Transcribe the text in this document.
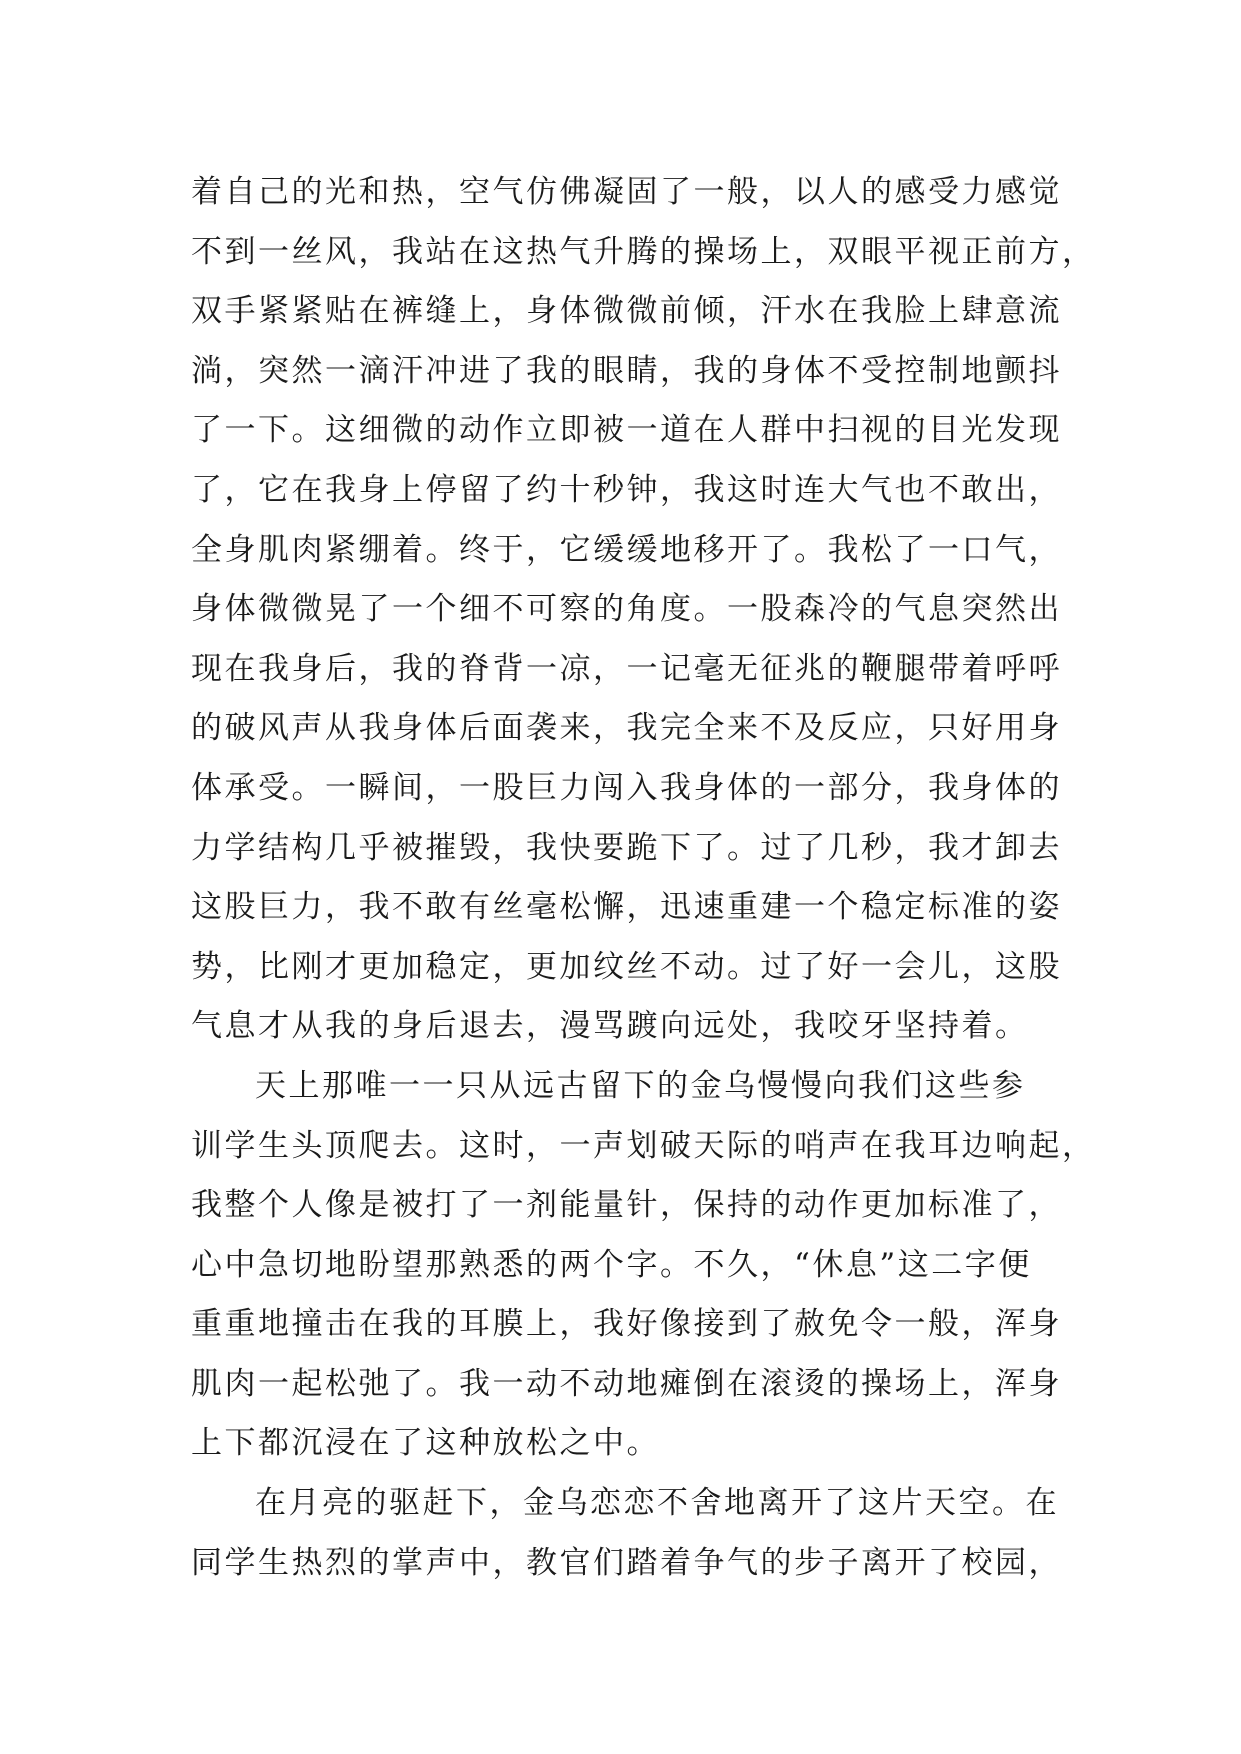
着自己的光和热，空气仿佛凝固了一般，以人的感受力感觉
不到一丝风，我站在这热气升腾的操场上，双眼平视正前方，
双手紧紧贴在裤缝上，身体微微前倾，汗水在我脸上肆意流
淌，突然一滴汗冲进了我的眼睛，我的身体不受控制地颤抖
了一下。这细微的动作立即被一道在人群中扫视的目光发现
了，它在我身上停留了约十秒钟，我这时连大气也不敢出，
全身肌肉紧绷着。终于，它缓缓地移开了。我松了一口气，
身体微微晃了一个细不可察的角度。一股森冷的气息突然出
现在我身后，我的脊背一凉，一记毫无征兆的鞭腿带着呼呼
的破风声从我身体后面袭来，我完全来不及反应，只好用身
体承受。一瞬间，一股巨力闯入我身体的一部分，我身体的
力学结构几乎被摧毁，我快要跪下了。过了几秒，我才卸去
这股巨力，我不敢有丝毫松懈，迅速重建一个稳定标准的姿
势，比刚才更加稳定，更加纹丝不动。过了好一会儿，这股
气息才从我的身后退去，漫骂踱向远处，我咬牙坚持着。
天上那唯一一只从远古留下的金乌慢慢向我们这些参
训学生头顶爬去。这时，一声划破天际的哨声在我耳边响起，
我整个人像是被打了一剂能量针，保持的动作更加标准了，
心中急切地盼望那熟悉的两个字。不久，“休息”这二字便
重重地撞击在我的耳膜上，我好像接到了赦免令一般，浑身
肌肉一起松弛了。我一动不动地瘫倒在滚烫的操场上，浑身
上下都沉浸在了这种放松之中。
在月亮的驱赶下，金乌恋恋不舍地离开了这片天空。在
同学生热烈的掌声中，教官们踏着争气的步子离开了校园，
